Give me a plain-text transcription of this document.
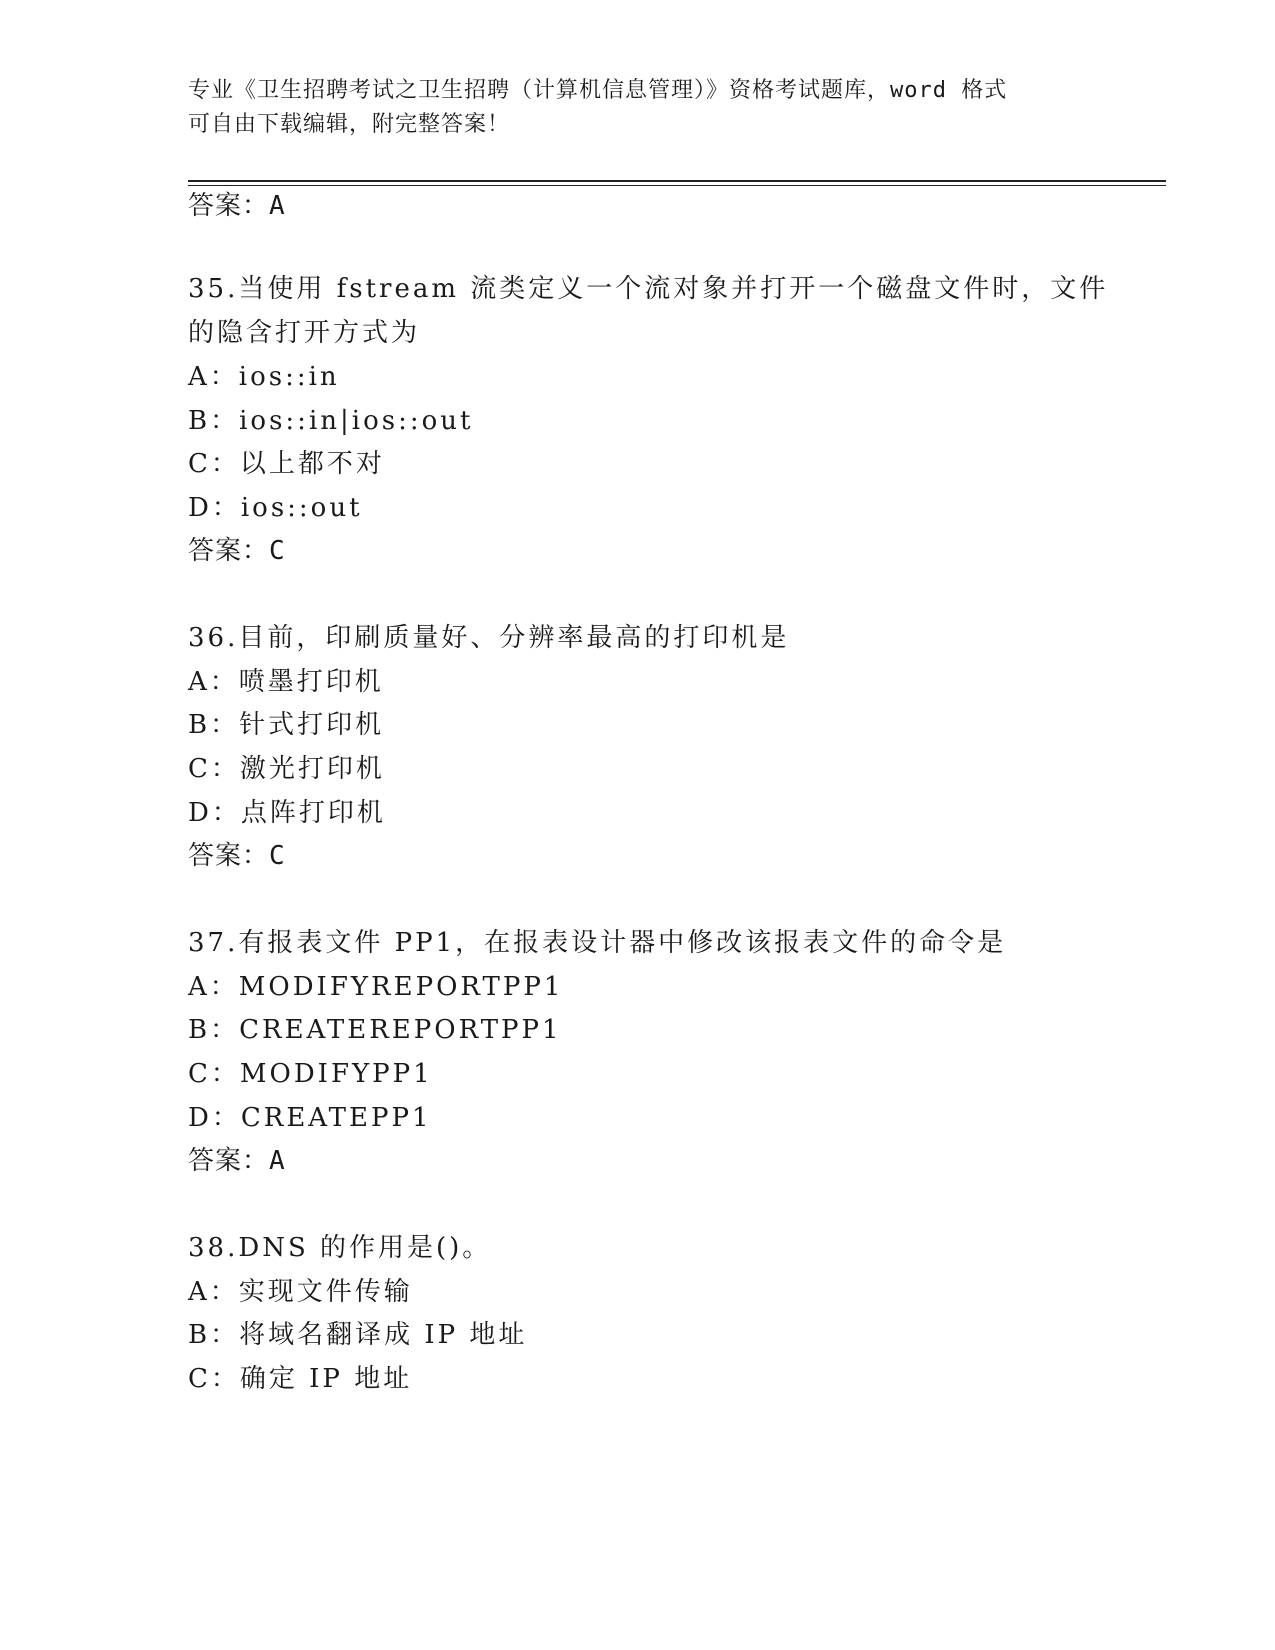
专业《卫生招聘考试之卫生招聘（计算机信息管理）》资格考试题库，word 格式
可自由下载编辑，附完整答案！
答案：A
35.当使用 fstream 流类定义一个流对象并打开一个磁盘文件时，文件
的隐含打开方式为
A：ios::in
B：ios::in|ios::out
C：以上都不对
D：ios::out
答案：C
36.目前，印刷质量好、分辨率最高的打印机是
A：喷墨打印机
B：针式打印机
C：激光打印机
D：点阵打印机
答案：C
37.有报表文件 PP1，在报表设计器中修改该报表文件的命令是
A：MODIFYREPORTPP1
B：CREATEREPORTPP1
C：MODIFYPP1
D：CREATEPP1
答案：A
38.DNS 的作用是()。
A：实现文件传输
B：将域名翻译成 IP 地址
C：确定 IP 地址
